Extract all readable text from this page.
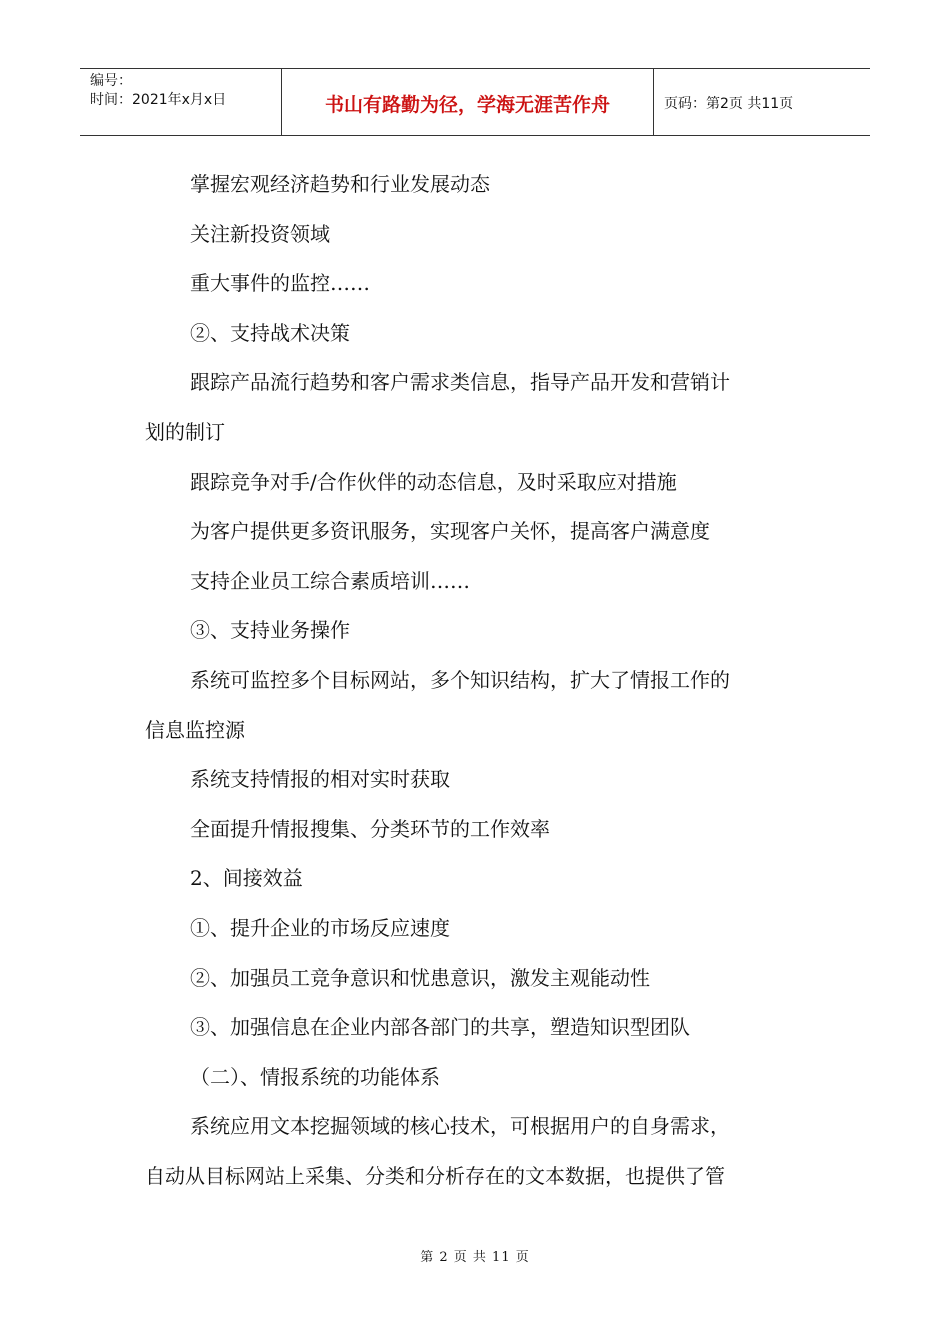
编号：
时间：2021年x月x日	书山有路勤为径，学海无涯苦作舟	页码：第2页 共11页

掌握宏观经济趋势和行业发展动态

关注新投资领域

重大事件的监控……

②、支持战术决策

跟踪产品流行趋势和客户需求类信息，指导产品开发和营销计

划的制订

跟踪竞争对手/合作伙伴的动态信息，及时采取应对措施

为客户提供更多资讯服务，实现客户关怀，提高客户满意度

支持企业员工综合素质培训……

③、支持业务操作

系统可监控多个目标网站，多个知识结构，扩大了情报工作的

信息监控源

系统支持情报的相对实时获取

全面提升情报搜集、分类环节的工作效率

2、间接效益

①、提升企业的市场反应速度

②、加强员工竞争意识和忧患意识，激发主观能动性

③、加强信息在企业内部各部门的共享，塑造知识型团队

（二）、情报系统的功能体系

系统应用文本挖掘领域的核心技术，可根据用户的自身需求，

自动从目标网站上采集、分类和分析存在的文本数据，也提供了管

第 2 页 共 11 页
